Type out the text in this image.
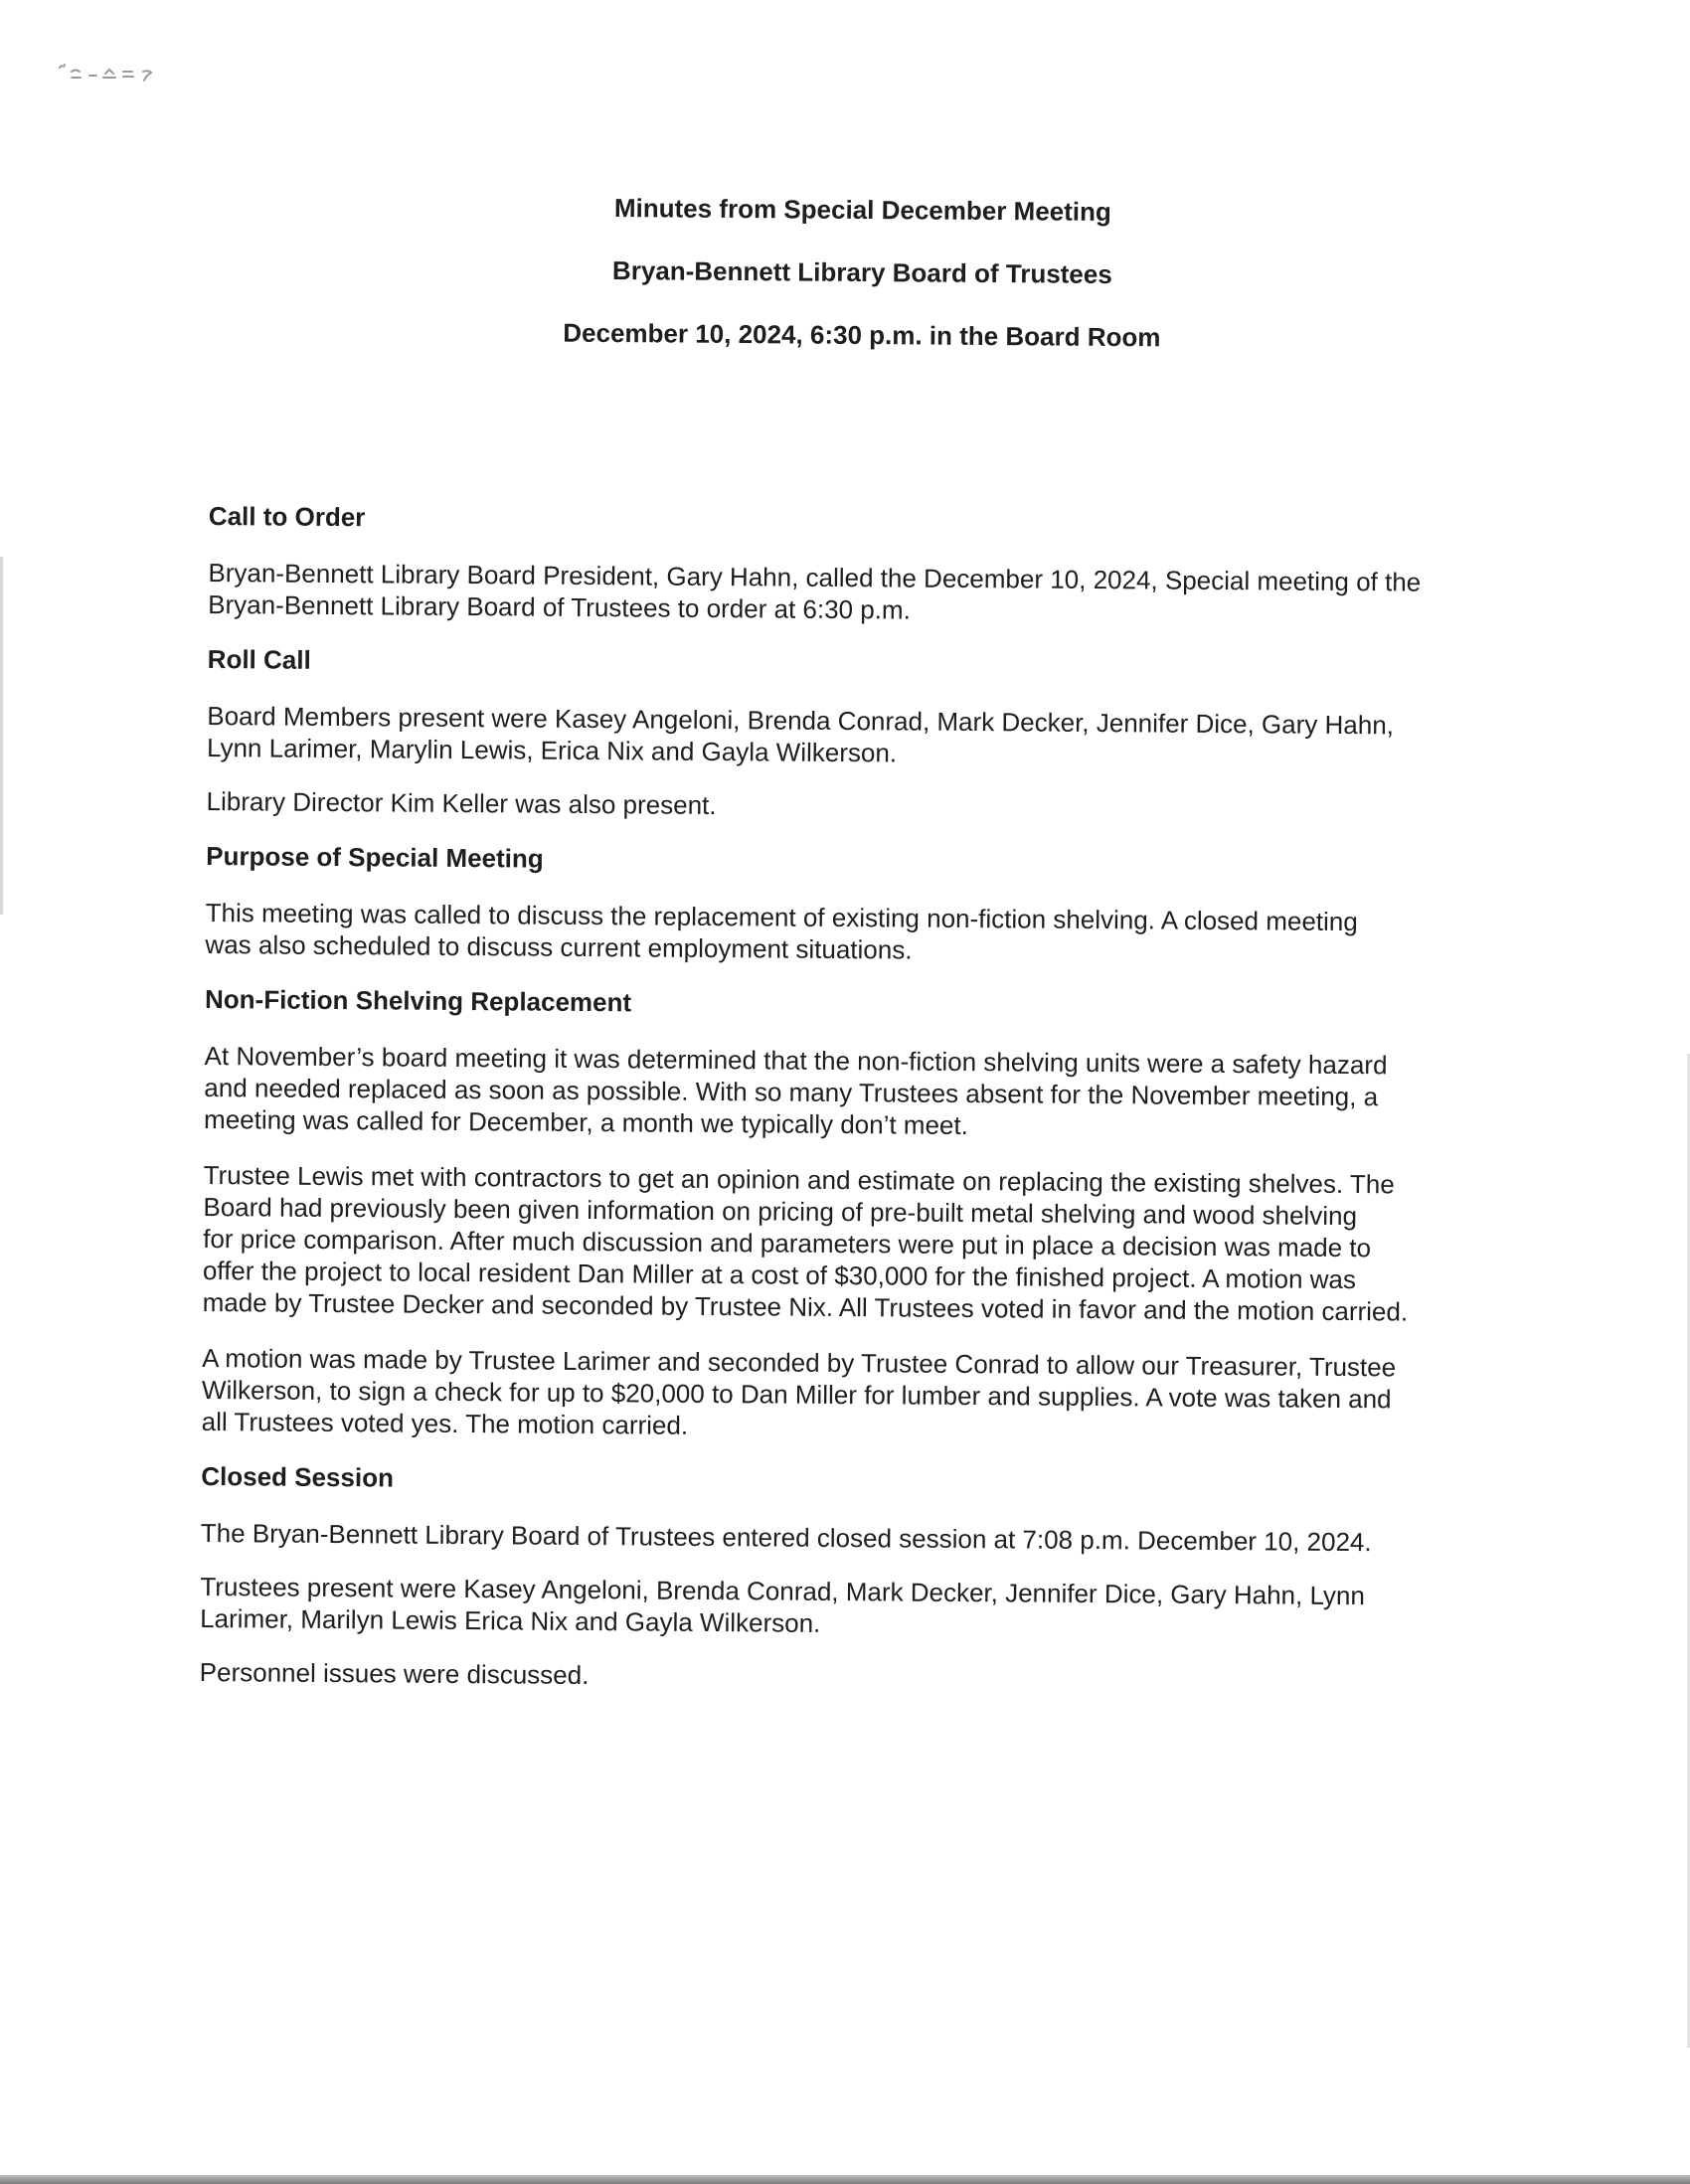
Minutes from Special December Meeting
Bryan-Bennett Library Board of Trustees
December 10, 2024, 6:30 p.m. in the Board Room
Call to Order
Bryan-Bennett Library Board President, Gary Hahn, called the December 10, 2024, Special meeting of the
Bryan-Bennett Library Board of Trustees to order at 6:30 p.m.
Roll Call
Board Members present were Kasey Angeloni, Brenda Conrad, Mark Decker, Jennifer Dice, Gary Hahn,
Lynn Larimer, Marylin Lewis, Erica Nix and Gayla Wilkerson.
Library Director Kim Keller was also present.
Purpose of Special Meeting
This meeting was called to discuss the replacement of existing non-fiction shelving. A closed meeting
was also scheduled to discuss current employment situations.
Non-Fiction Shelving Replacement
At November’s board meeting it was determined that the non-fiction shelving units were a safety hazard
and needed replaced as soon as possible. With so many Trustees absent for the November meeting, a
meeting was called for December, a month we typically don’t meet.
Trustee Lewis met with contractors to get an opinion and estimate on replacing the existing shelves. The
Board had previously been given information on pricing of pre-built metal shelving and wood shelving
for price comparison. After much discussion and parameters were put in place a decision was made to
offer the project to local resident Dan Miller at a cost of $30,000 for the finished project. A motion was
made by Trustee Decker and seconded by Trustee Nix. All Trustees voted in favor and the motion carried.
A motion was made by Trustee Larimer and seconded by Trustee Conrad to allow our Treasurer, Trustee
Wilkerson, to sign a check for up to $20,000 to Dan Miller for lumber and supplies. A vote was taken and
all Trustees voted yes. The motion carried.
Closed Session
The Bryan-Bennett Library Board of Trustees entered closed session at 7:08 p.m. December 10, 2024.
Trustees present were Kasey Angeloni, Brenda Conrad, Mark Decker, Jennifer Dice, Gary Hahn, Lynn
Larimer, Marilyn Lewis Erica Nix and Gayla Wilkerson.
Personnel issues were discussed.
